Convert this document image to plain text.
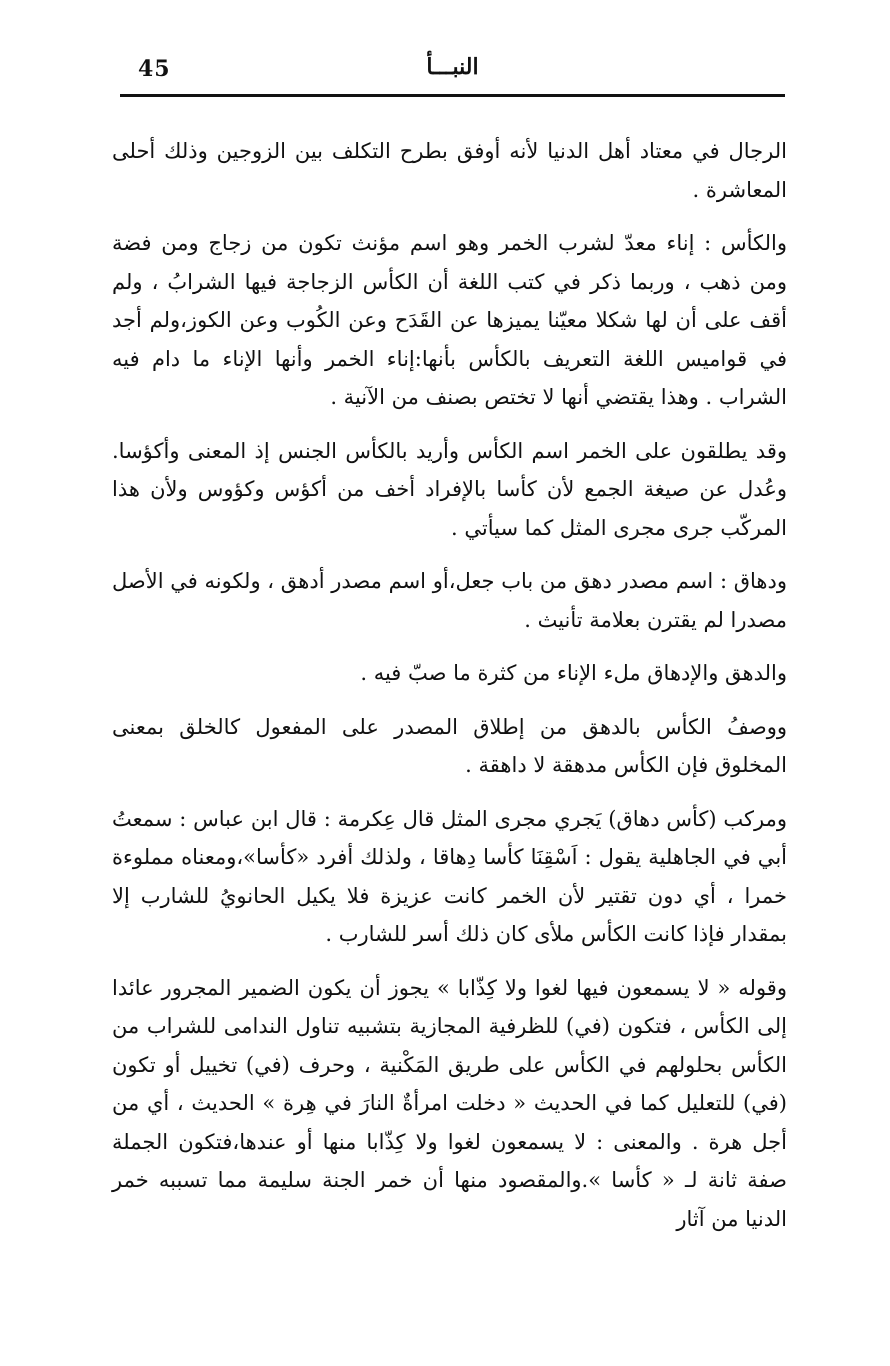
45	النبـــأ

الرجال في معتاد أهل الدنيا لأنه أوفق بطرح التكلف بين الزوجين وذلك أحلى المعاشرة .

والكأس : إناء معدّ لشرب الخمر وهو اسم مؤنث تكون من زجاج ومن فضة ومن ذهب ، وربما ذكر في كتب اللغة أن الكأس الزجاجة فيها الشرابُ ، ولم أقف على أن لها شكلا معيّنا يميزها عن القَدَح وعن الكُوب وعن الكوز،ولم أجد في قواميس اللغة التعريف بالكأس بأنها:إناء الخمر وأنها الإناء ما دام فيه الشراب . وهذا يقتضي أنها لا تختص بصنف من الآنية .

وقد يطلقون على الخمر اسم الكأس وأريد بالكأس الجنس إذ المعنى وأكؤسا. وعُدل عن صيغة الجمع لأن كأسا بالإفراد أخف من أكؤس وكؤوس ولأن هذا المركّب جرى مجرى المثل كما سيأتي .

ودهاق : اسم مصدر دهق من باب جعل،أو اسم مصدر أدهق ، ولكونه في الأصل مصدرا لم يقترن بعلامة تأنيث .

والدهق والإدهاق ملء الإناء من كثرة ما صبّ فيه .

ووصفُ الكأس بالدهق من إطلاق المصدر على المفعول كالخلق بمعنى المخلوق فإن الكأس مدهقة لا داهقة .

ومركب (كأس دهاق) يَجري مجرى المثل قال عِكرمة : قال ابن عباس : سمعتُ أبي في الجاهلية يقول : اَسْقِنَا كأسا دِهاقا ، ولذلك أفرد «كأسا»،ومعناه مملوءة خمرا ، أي دون تقتير لأن الخمر كانت عزيزة فلا يكيل الحانويُ للشارب إلا بمقدار فإذا كانت الكأس ملأى كان ذلك أسر للشارب .

وقوله « لا يسمعون فيها لغوا ولا كِذّابا » يجوز أن يكون الضمير المجرور عائدا إلى الكأس ، فتكون (في) للظرفية المجازية بتشبيه تناول الندامى للشراب من الكأس بحلولهم في الكأس على طريق المَكْنية ، وحرف (في) تخييل أو تكون (في) للتعليل كما في الحديث « دخلت امرأةٌ النارَ في هِرة » الحديث ، أي من أجل هرة . والمعنى : لا يسمعون لغوا ولا كِذّابا منها أو عندها،فتكون الجملة صفة ثانة لـ « كأسا ».والمقصود منها أن خمر الجنة سليمة مما تسببه خمر الدنيا من آثار
